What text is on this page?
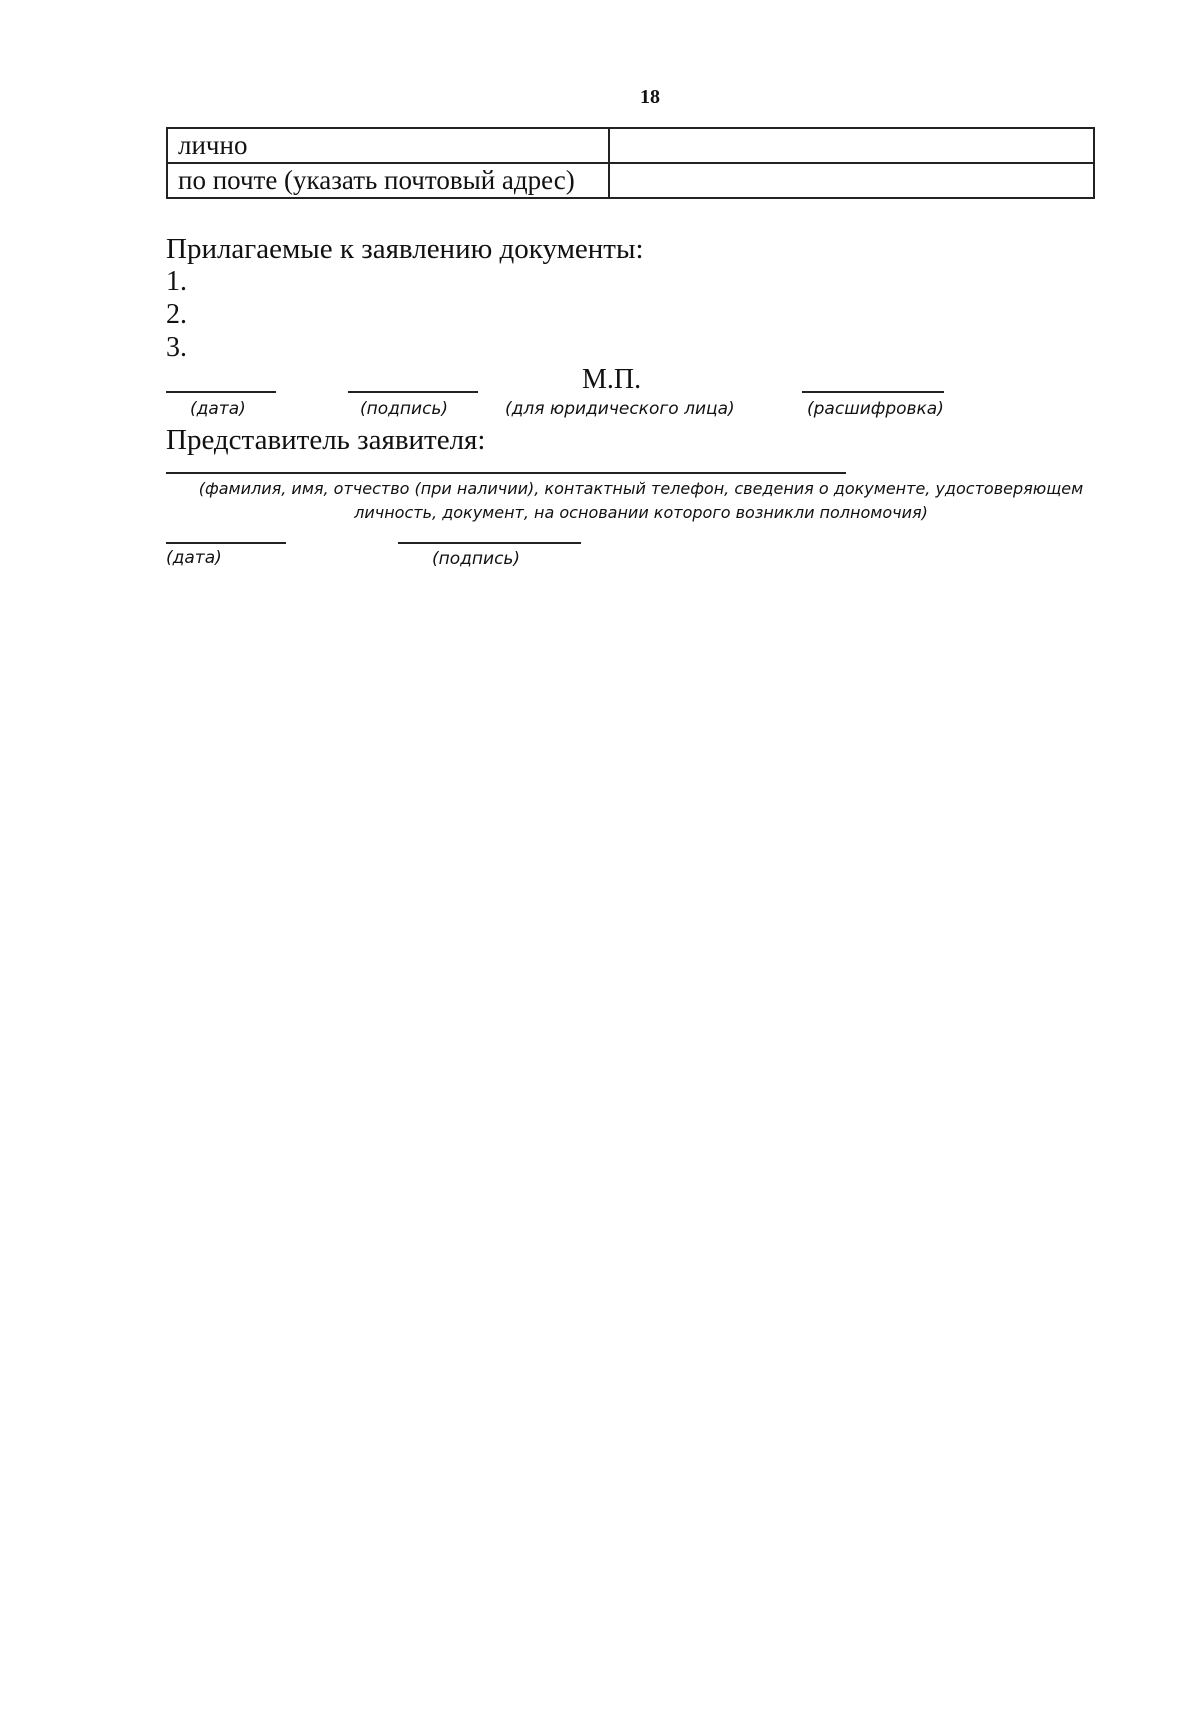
18
лично	
по почте (указать почтовый адрес)	
Прилагаемые к заявлению документы:
1.
2.
3.
М.П.
(дата)	(подпись)	(для юридического лица)	(расшифровка)
Представитель заявителя:
(фамилия, имя, отчество (при наличии), контактный телефон, сведения о документе, удостоверяющем
личность, документ, на основании которого возникли полномочия)
(дата)	(подпись)
